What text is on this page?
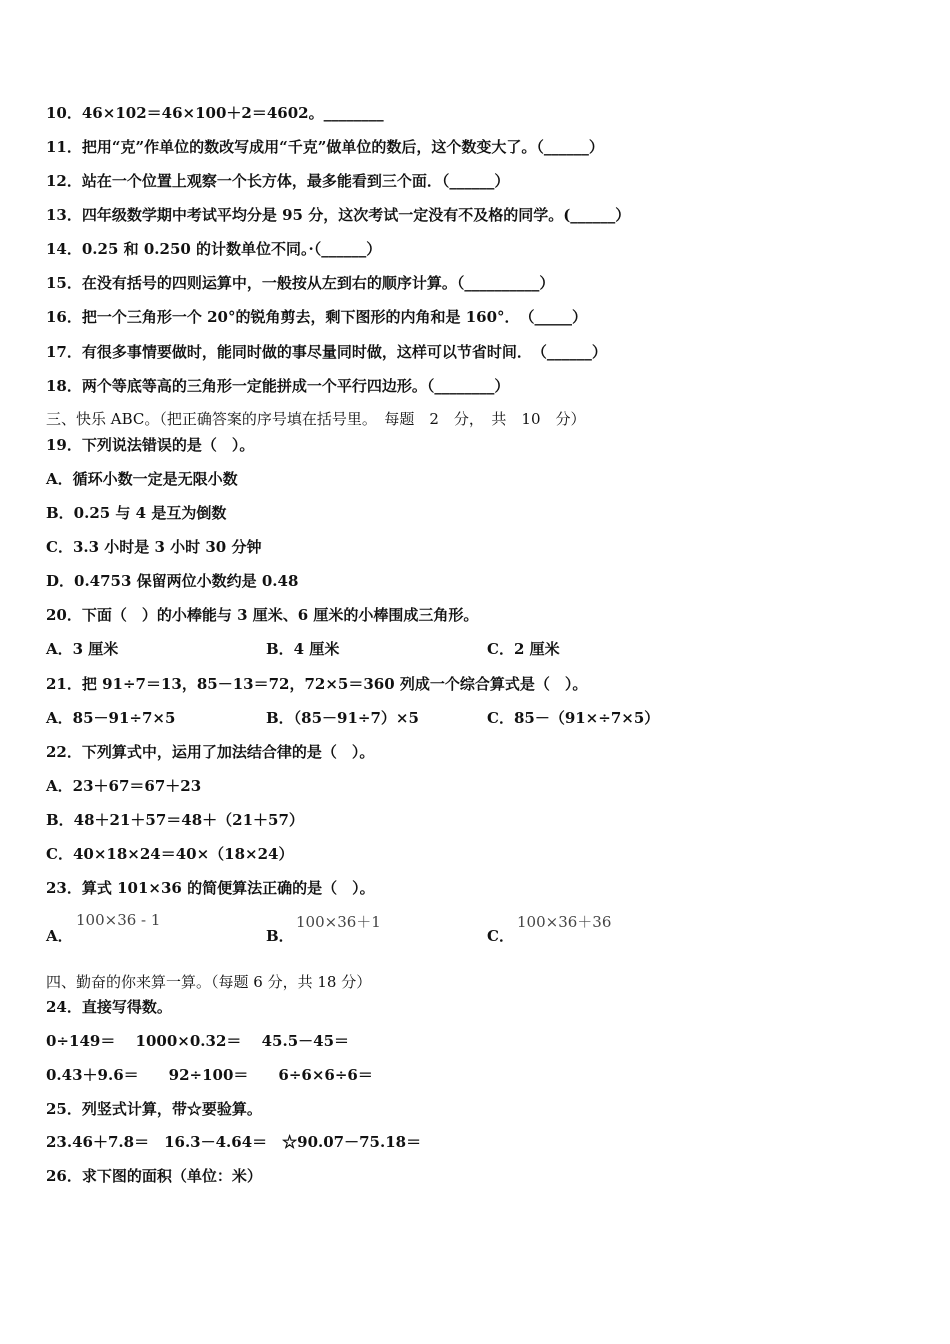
10．46×102＝46×100＋2＝4602。________
11．把用“克”作单位的数改写成用“千克”做单位的数后，这个数变大了。（______）
12．站在一个位置上观察一个长方体，最多能看到三个面．（______）
13．四年级数学期中考试平均分是 95 分，这次考试一定没有不及格的同学。(______）
14．0.25 和 0.250 的计数单位不同。·（______）
15．在没有括号的四则运算中，一般按从左到右的顺序计算。（__________）
16．把一个三角形一个 20°的锐角剪去，剩下图形的内角和是 160°．　（_____）
17．有很多事情要做时，能同时做的事尽量同时做，这样可以节省时间．　（______）
18．两个等底等高的三角形一定能拼成一个平行四边形。（________）
三、快乐 ABC。（把正确答案的序号填在括号里。　每题　2　分，　共　10　分）
19．下列说法错误的是（　）。
A．循环小数一定是无限小数
B．0.25 与 4 是互为倒数
C．3.3 小时是 3 小时 30 分钟
D．0.4753 保留两位小数约是 0.48
20．下面（　）的小棒能与 3 厘米、6 厘米的小棒围成三角形。
A．3 厘米	B．4 厘米	C．2 厘米
21．把 91÷7＝13，85－13＝72，72×5＝360 列成一个综合算式是（　）。
A．85－91÷7×5	B．（85－91÷7）×5	C．85－（91×÷7×5）
22．下列算式中，运用了加法结合律的是（　）。
A．23＋67＝67＋23
B．48＋21＋57＝48＋（21＋57）
C．40×18×24＝40×（18×24）
23．算式 101×36 的简便算法正确的是（　）。
A．
100×36 - 1
B．
100×36＋1
C．
100×36＋36
四、勤奋的你来算一算。（每题 6 分，共 18 分）
24．直接写得数。
0÷149＝　 1000×0.32＝　 45.5－45＝
0.43＋9.6＝　　92÷100＝　　6÷6×6÷6＝
25．列竖式计算，带☆要验算。
23.46＋7.8＝　16.3－4.64＝　☆90.07－75.18＝
26．求下图的面积（单位：米）
